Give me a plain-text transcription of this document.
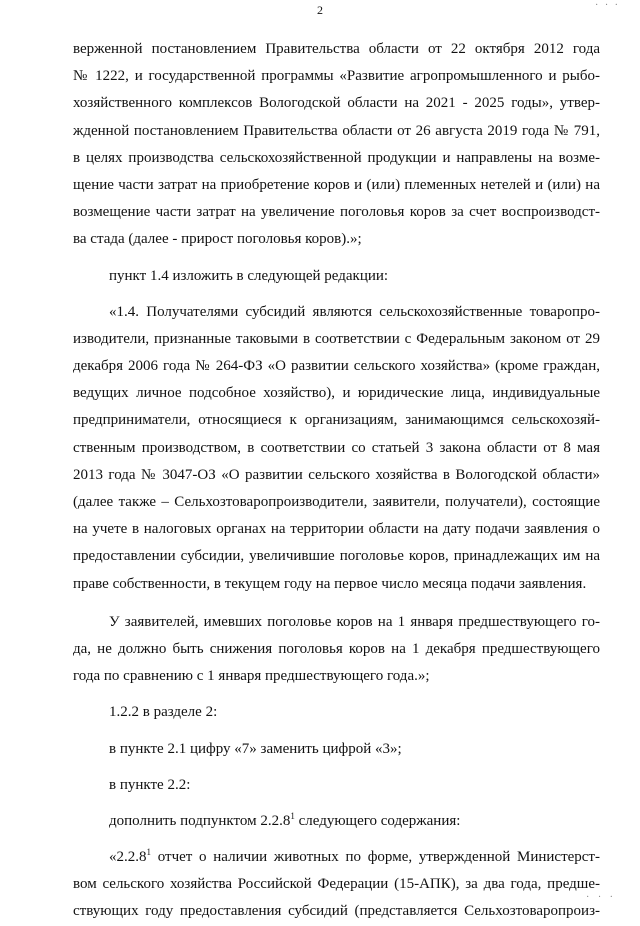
· · ·
2
верженной постановлением Правительства области от 22 октября 2012 года
№ 1222, и государственной программы «Развитие агропромышленного и рыбо-
хозяйственного комплексов Вологодской области на 2021 - 2025 годы», утвер-
жденной постановлением Правительства области от 26 августа 2019 года № 791,
в целях производства сельскохозяйственной продукции и направлены на возме-
щение части затрат на приобретение коров и (или) племенных нетелей и (или) на
возмещение части затрат на увеличение поголовья коров за счет воспроизводст-
ва стада (далее - прирост поголовья коров).»;
пункт 1.4 изложить в следующей редакции:
«1.4. Получателями субсидий являются сельскохозяйственные товаропро-
изводители, признанные таковыми в соответствии с Федеральным законом от 29
декабря 2006 года № 264-ФЗ «О развитии сельского хозяйства» (кроме граждан,
ведущих личное подсобное хозяйство), и юридические лица, индивидуальные
предприниматели, относящиеся к организациям, занимающимся сельскохозяй-
ственным производством, в соответствии со статьей 3 закона области от 8 мая
2013 года № 3047-ОЗ «О развитии сельского хозяйства в Вологодской области»
(далее также – Сельхозтоваропроизводители, заявители, получатели), состоящие
на учете в налоговых органах на территории области на дату подачи заявления о
предоставлении субсидии, увеличившие поголовье коров, принадлежащих им на
праве собственности, в текущем году на первое число месяца подачи заявления.
У заявителей, имевших поголовье коров на 1 января предшествующего го-
да, не должно быть снижения поголовья коров на 1 декабря предшествующего
года по сравнению с 1 января предшествующего года.»;
1.2.2 в разделе 2:
в пункте 2.1 цифру «7» заменить цифрой «3»;
в пункте 2.2:
дополнить подпунктом 2.2.8$^1$ следующего содержания:
«2.2.8$^1$ отчет о наличии животных по форме, утвержденной Министерст-
вом сельского хозяйства Российской Федерации (15-АПК), за два года, предше-
ствующих году предоставления субсидий (представляется Сельхозтоваропроиз-
· · ·
